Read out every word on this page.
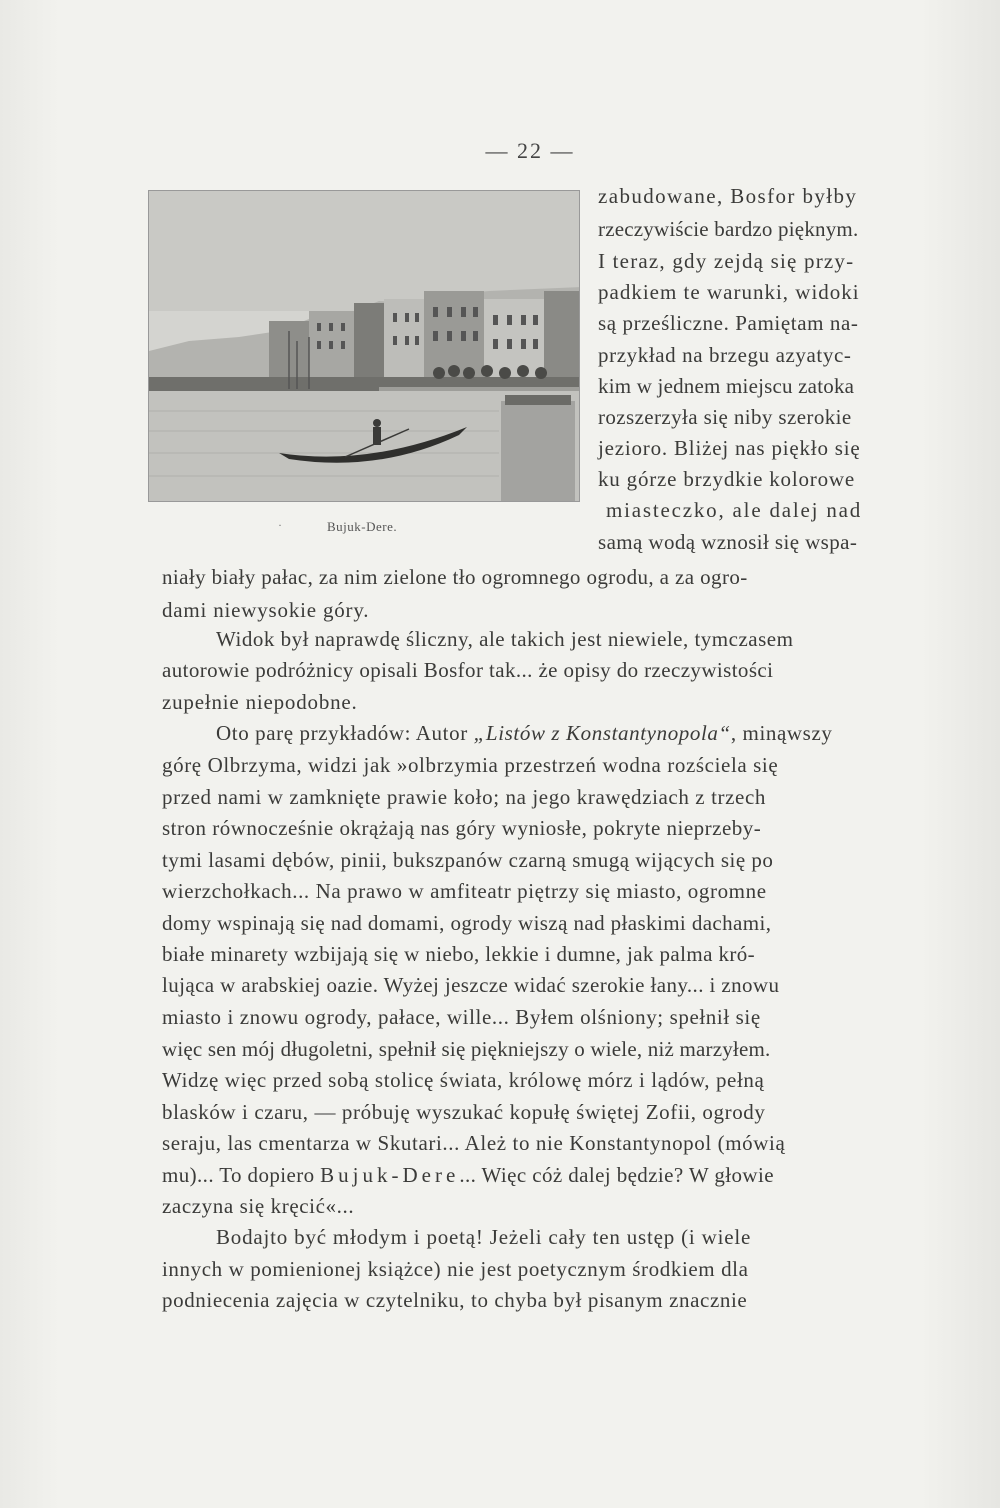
— 22 —
·	Bujuk-Dere.
zabudowane, Bosfor byłby
rzeczywiście bardzo pięknym.
I teraz, gdy zejdą się przy-
padkiem te warunki, widoki
są prześliczne. Pamiętam na-
przykład na brzegu azyatyc-
kim w jednem miejscu zatoka
rozszerzyła się niby szerokie
jezioro. Bliżej nas piękło się
ku górze brzydkie kolorowe
miasteczko, ale dalej nad
samą wodą wznosił się wspa-
niały biały pałac, za nim zielone tło ogromnego ogrodu, a za ogro-
dami niewysokie góry.
Widok był naprawdę śliczny, ale takich jest niewiele, tymczasem
autorowie podróżnicy opisali Bosfor tak... że opisy do rzeczywistości
zupełnie niepodobne.
Oto parę przykładów: Autor „Listów z Konstantynopola“, minąwszy
górę Olbrzyma, widzi jak »olbrzymia przestrzeń wodna rozściela się
przed nami w zamknięte prawie koło; na jego krawędziach z trzech
stron równocześnie okrążają nas góry wyniosłe, pokryte nieprzeby-
tymi lasami dębów, pinii, bukszpanów czarną smugą wijących się po
wierzchołkach... Na prawo w amfiteatr piętrzy się miasto, ogromne
domy wspinają się nad domami, ogrody wiszą nad płaskimi dachami,
białe minarety wzbijają się w niebo, lekkie i dumne, jak palma kró-
lująca w arabskiej oazie. Wyżej jeszcze widać szerokie łany... i znowu
miasto i znowu ogrody, pałace, wille... Byłem olśniony; spełnił się
więc sen mój długoletni, spełnił się piękniejszy o wiele, niż marzyłem.
Widzę więc przed sobą stolicę świata, królowę mórz i lądów, pełną
blasków i czaru, — próbuję wyszukać kopułę świętej Zofii, ogrody
seraju, las cmentarza w Skutari... Ależ to nie Konstantynopol (mówią
mu)... To dopiero Bujuk-Dere... Więc cóż dalej będzie? W głowie
zaczyna się kręcić«...
Bodajto być młodym i poetą! Jeżeli cały ten ustęp (i wiele
innych w pomienionej książce) nie jest poetycznym środkiem dla
podniecenia zajęcia w czytelniku, to chyba był pisanym znacznie
